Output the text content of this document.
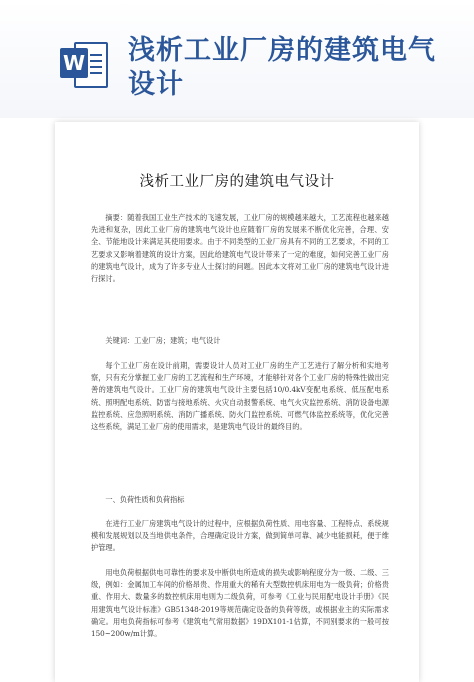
W 浅析工业厂房的建筑电气设计
浅析工业厂房的建筑电气设计

摘要：随着我国工业生产技术的飞速发展，工业厂房的规模越来越大，工艺流程也越来越先进和复杂，因此工业厂房的建筑电气设计也应随着厂房的发展来不断优化完善，合理、安全、节能地设计来满足其使用要求。由于不同类型的工业厂房具有不同的工艺要求，不同的工艺要求又影响着建筑的设计方案，因此给建筑电气设计带来了一定的难度，如何完善工业厂房的建筑电气设计，成为了许多专业人士探讨的问题。因此本文将对工业厂房的建筑电气设计进行探讨。

关键词：工业厂房；建筑；电气设计

每个工业厂房在设计前期，需要设计人员对工业厂房的生产工艺进行了解分析和实地考察，只有充分掌握工业厂房的工艺流程和生产环境，才能够针对各个工业厂房的特殊性做出完善的建筑电气设计。工业厂房的建筑电气设计主要包括10/0.4kV变配电系统、低压配电系统、照明配电系统、防雷与接地系统、火灾自动报警系统、电气火灾监控系统、消防设备电源监控系统、应急照明系统、消防广播系统、防火门监控系统、可燃气体监控系统等，优化完善这些系统，满足工业厂房的使用需求，是建筑电气设计的最终目的。

一、负荷性质和负荷指标

在进行工业厂房建筑电气设计的过程中，应根据负荷性质、用电容量、工程特点、系统规模和发展规划以及当地供电条件，合理确定设计方案，做到简单可靠、减少电能损耗，便于维护管理。

用电负荷根据供电可靠性的要求及中断供电所造成的损失或影响程度分为一级、二级、三级，例如：金属加工车间的价格昂贵、作用重大的稀有大型数控机床用电为一级负荷；价格贵重、作用大、数量多的数控机床用电则为二级负荷，可参考《工业与民用配电设计手册》《民用建筑电气设计标准》GB51348-2019等规范确定设备的负荷等级，或根据业主的实际需求确定。用电负荷指标可参考《建筑电气常用数据》19DX101-1估算，不同别要求的一般可按150~200w/m计算。
